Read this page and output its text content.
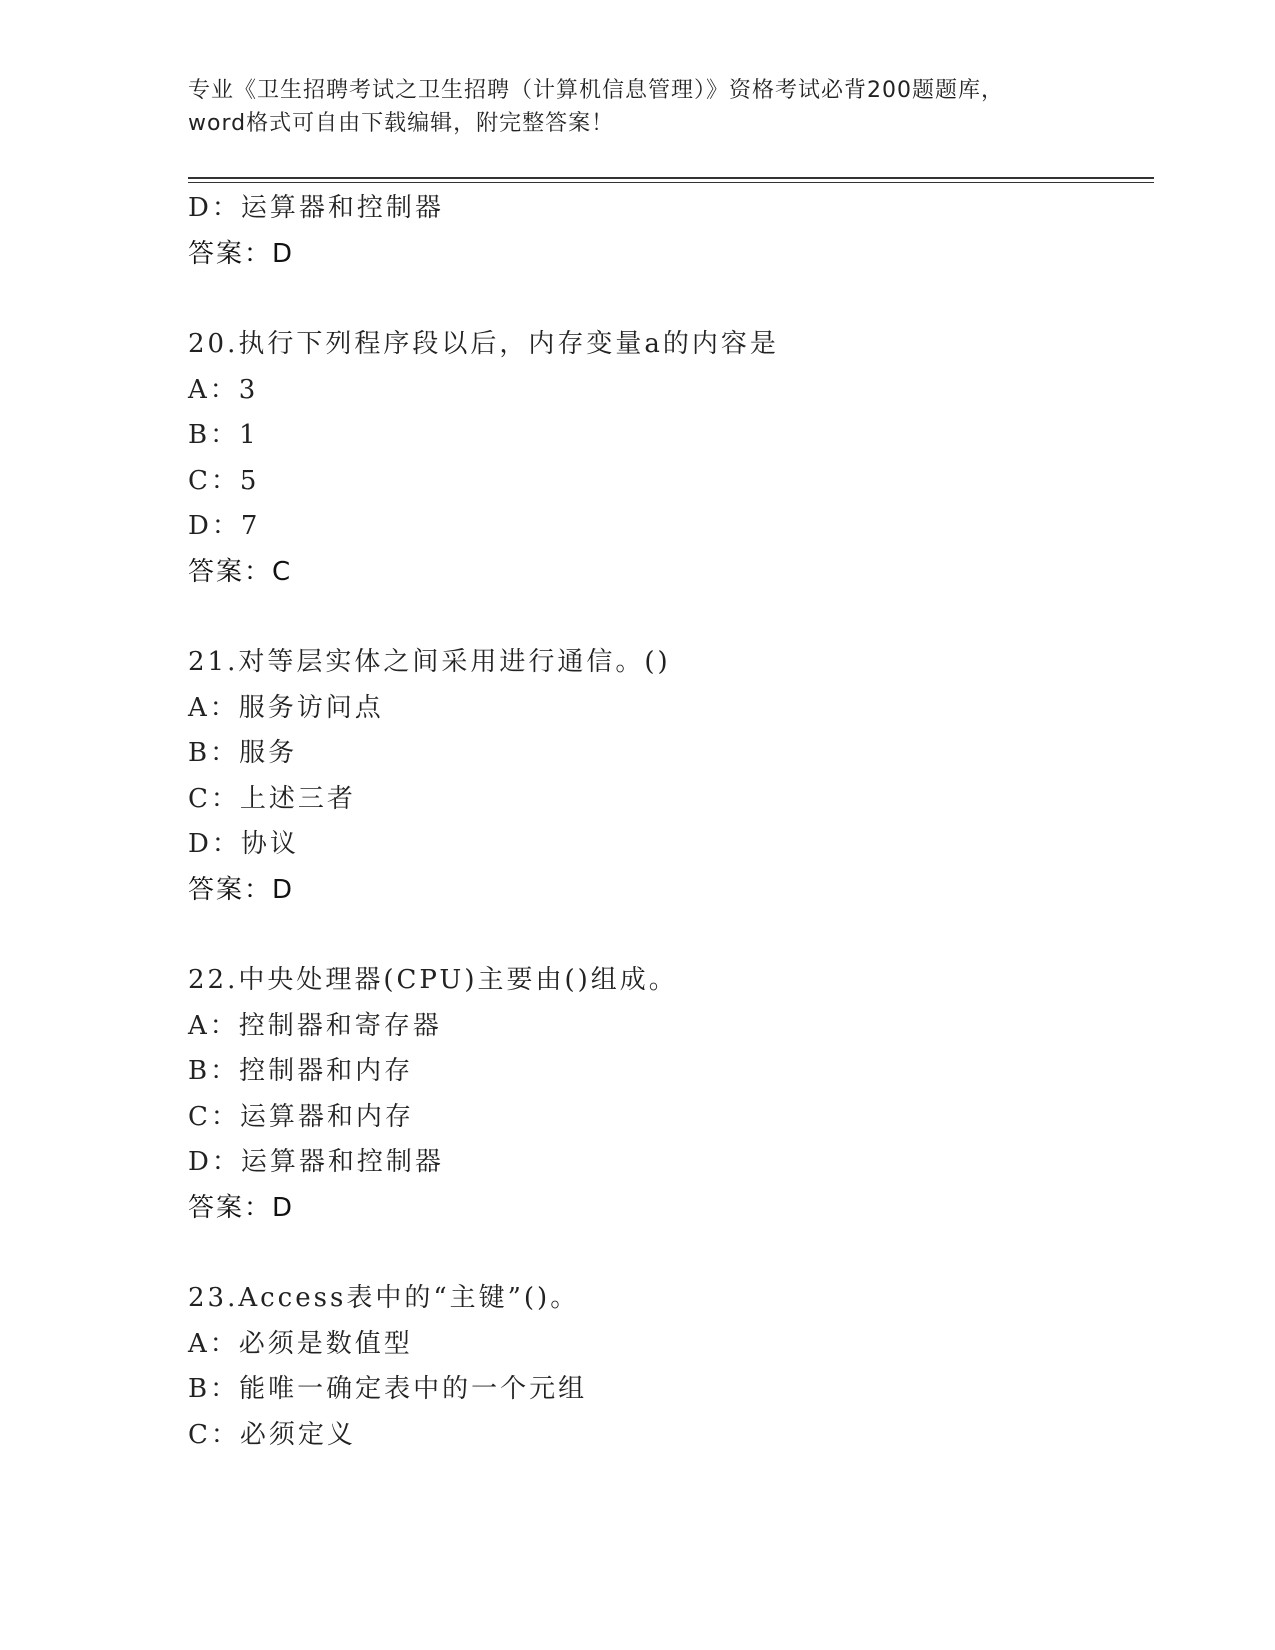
专业《卫生招聘考试之卫生招聘（计算机信息管理）》资格考试必背200题题库，
word格式可自由下载编辑，附完整答案！
D：运算器和控制器
答案：D
20.执行下列程序段以后，内存变量a的内容是
A：3
B：1
C：5
D：7
答案：C
21.对等层实体之间采用进行通信。()
A：服务访问点
B：服务
C：上述三者
D：协议
答案：D
22.中央处理器(CPU)主要由()组成。
A：控制器和寄存器
B：控制器和内存
C：运算器和内存
D：运算器和控制器
答案：D
23.Access表中的“主键”()。
A：必须是数值型
B：能唯一确定表中的一个元组
C：必须定义
